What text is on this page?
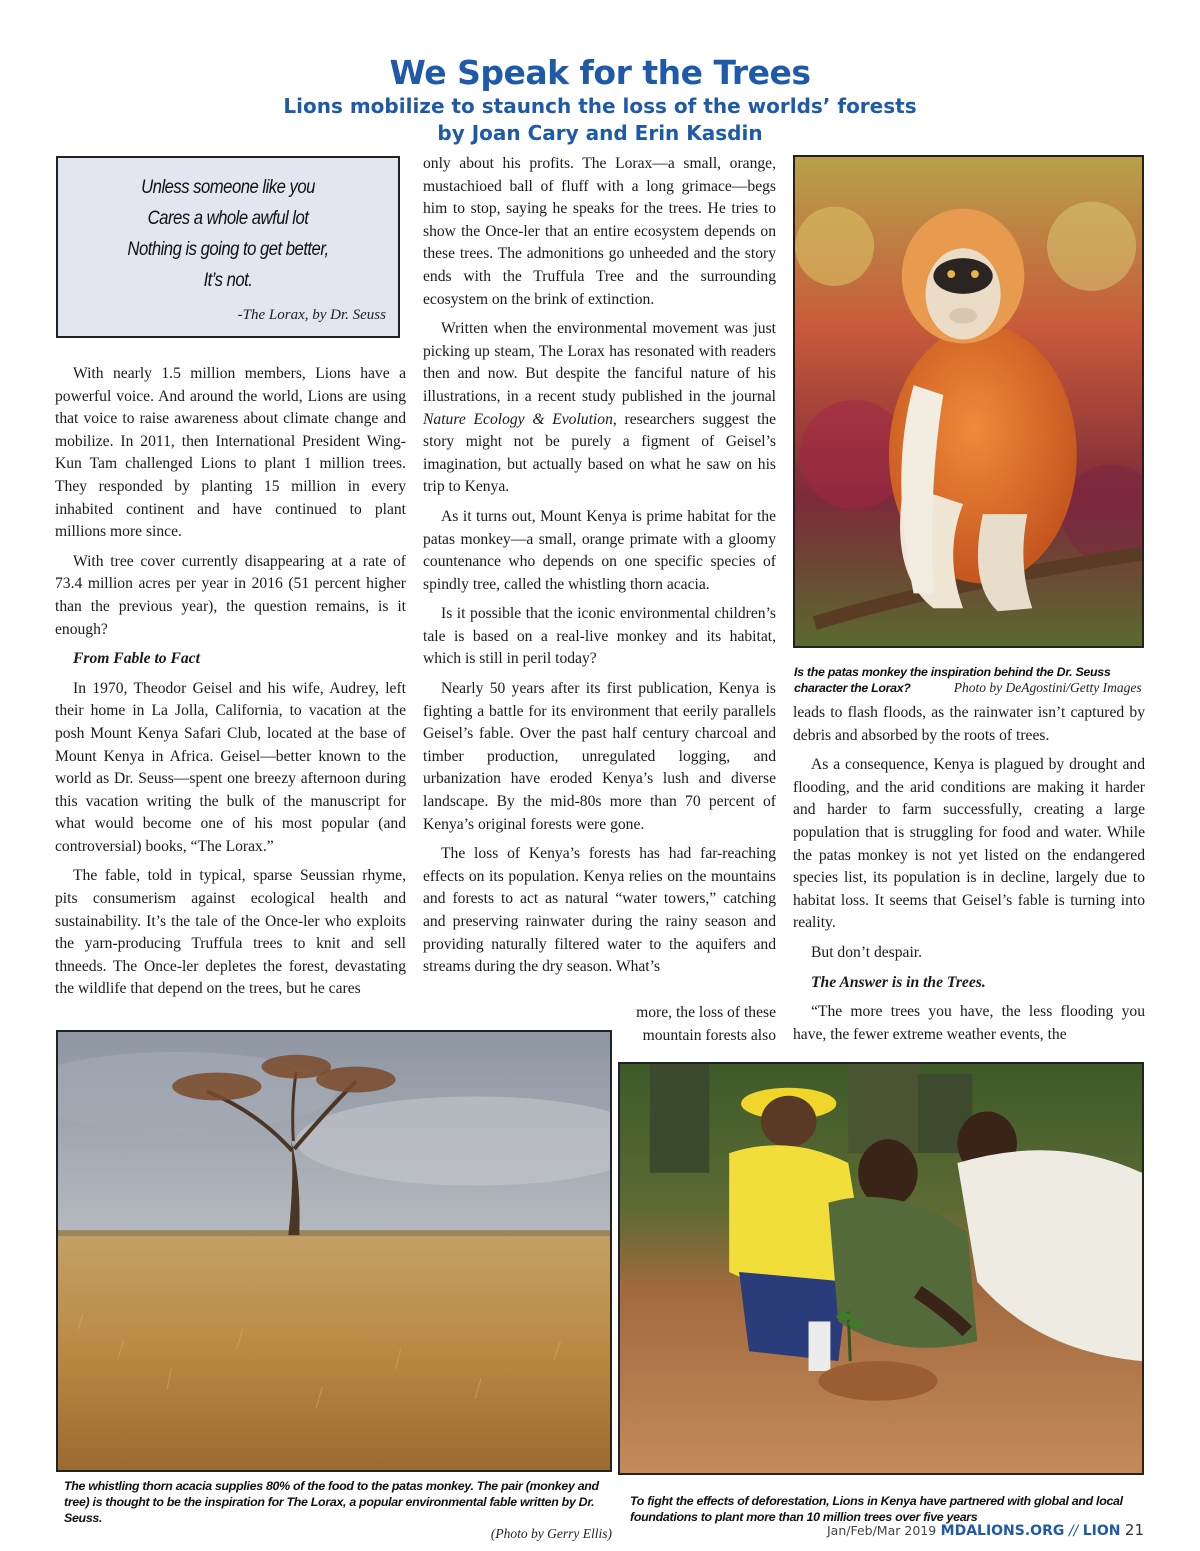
We Speak for the Trees
Lions mobilize to staunch the loss of the worlds’ forests
by Joan Cary and Erin Kasdin
Unless someone like you
Cares a whole awful lot
Nothing is going to get better,
It’s not.
-The Lorax, by Dr. Seuss

With nearly 1.5 million members, Lions have a powerful voice. And around the world, Lions are using that voice to raise awareness about climate change and mobilize. In 2011, then International President Wing-Kun Tam challenged Lions to plant 1 million trees. They responded by planting 15 million in every inhabited continent and have continued to plant millions more since.

With tree cover currently disappearing at a rate of 73.4 million acres per year in 2016 (51 percent higher than the previous year), the question remains, is it enough?

From Fable to Fact

In 1970, Theodor Geisel and his wife, Audrey, left their home in La Jolla, California, to vacation at the posh Mount Kenya Safari Club, located at the base of Mount Kenya in Africa. Geisel—better known to the world as Dr. Seuss—spent one breezy afternoon during this vacation writing the bulk of the manuscript for what would become one of his most popular (and controversial) books, “The Lorax.”

The fable, told in typical, sparse Seussian rhyme, pits consumerism against ecological health and sustainability. It’s the tale of the Once-ler who exploits the yarn-producing Truffula trees to knit and sell thneeds. The Once-ler depletes the forest, devastating the wildlife that depend on the trees, but he cares

only about his profits. The Lorax—a small, orange, mustachioed ball of fluff with a long grimace—begs him to stop, saying he speaks for the trees. He tries to show the Once-ler that an entire ecosystem depends on these trees. The admonitions go unheeded and the story ends with the Truffula Tree and the surrounding ecosystem on the brink of extinction.

Written when the environmental movement was just picking up steam, The Lorax has resonated with readers then and now. But despite the fanciful nature of his illustrations, in a recent study published in the journal Nature Ecology & Evolution, researchers suggest the story might not be purely a figment of Geisel’s imagination, but actually based on what he saw on his trip to Kenya.

As it turns out, Mount Kenya is prime habitat for the patas monkey—a small, orange primate with a gloomy countenance who depends on one specific species of spindly tree, called the whistling thorn acacia.

Is it possible that the iconic environmental children’s tale is based on a real-live monkey and its habitat, which is still in peril today?

Nearly 50 years after its first publication, Kenya is fighting a battle for its environment that eerily parallels Geisel’s fable. Over the past half century charcoal and timber production, unregulated logging, and urbanization have eroded Kenya’s lush and diverse landscape. By the mid-80s more than 70 percent of Kenya’s original forests were gone.

The loss of Kenya’s forests has had far-reaching effects on its population. Kenya relies on the mountains and forests to act as natural “water towers,” catching and preserving rainwater during the rainy season and providing naturally filtered water to the aquifers and streams during the dry season. What’s

more, the loss of these
mountain forests also

leads to flash floods, as the rainwater isn’t captured by debris and absorbed by the roots of trees.

As a consequence, Kenya is plagued by drought and flooding, and the arid conditions are making it harder and harder to farm successfully, creating a large population that is struggling for food and water. While the patas monkey is not yet listed on the endangered species list, its population is in decline, largely due to habitat loss. It seems that Geisel’s fable is turning into reality.

But don’t despair.

The Answer is in the Trees.

“The more trees you have, the less flooding you have, the fewer extreme weather events, the

Is the patas monkey the inspiration behind the Dr. Seuss character the Lorax?	Photo by DeAgostini/Getty Images
The whistling thorn acacia supplies 80% of the food to the patas monkey. The pair (monkey and tree) is thought to be the inspiration for The Lorax, a popular environmental fable written by Dr. Seuss.
(Photo by Gerry Ellis)
To fight the effects of deforestation, Lions in Kenya have partnered with global and local foundations to plant more than 10 million trees over five years
Jan/Feb/Mar 2019 MDALIONS.ORG // LION 21
